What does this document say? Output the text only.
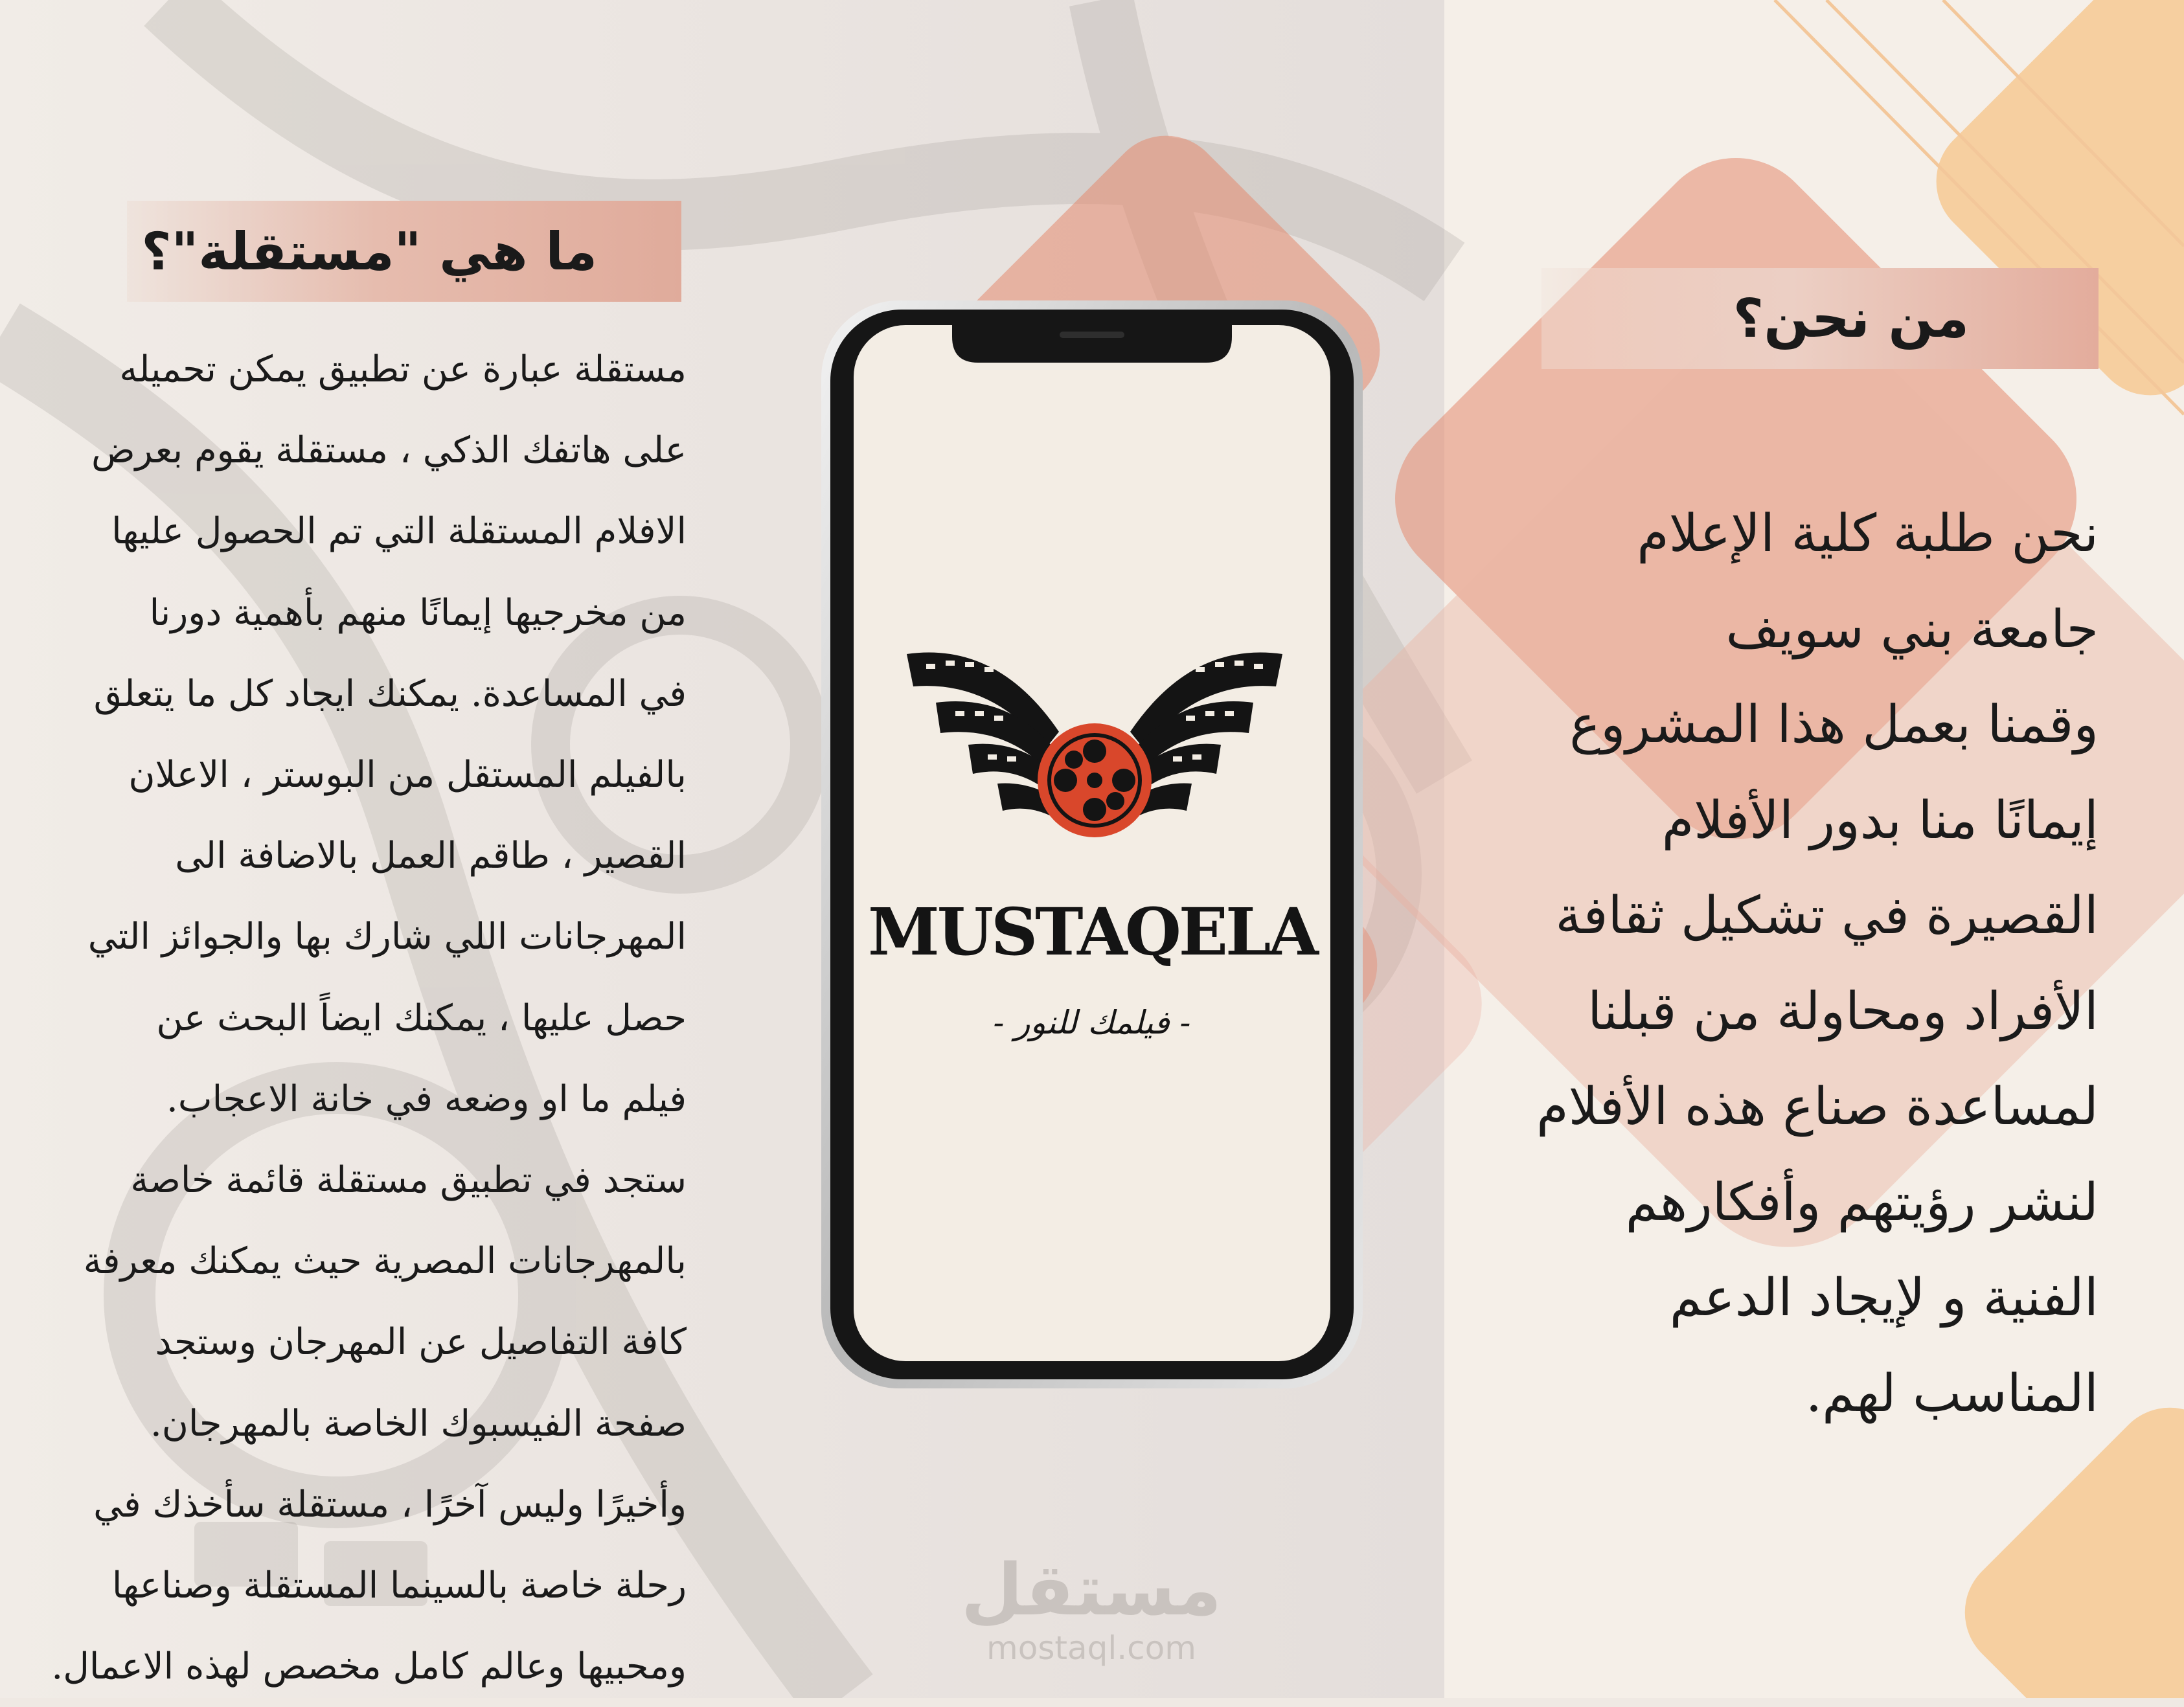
ما هي "مستقلة"؟
مستقلة عبارة عن تطبيق يمكن تحميله
على هاتفك الذكي ، مستقلة يقوم بعرض
الافلام المستقلة التي تم الحصول عليها
من مخرجيها إيمانًا منهم بأهمية دورنا
في المساعدة. يمكنك ايجاد كل ما يتعلق
بالفيلم المستقل من البوستر ، الاعلان
القصير ، طاقم العمل بالاضافة الى
المهرجانات اللي شارك بها والجوائز التي
حصل عليها ، يمكنك ايضاً البحث عن
فيلم ما او وضعه في خانة الاعجاب.
ستجد في تطبيق مستقلة قائمة خاصة
بالمهرجانات المصرية حيث يمكنك معرفة
كافة التفاصيل عن المهرجان وستجد
صفحة الفيسبوك الخاصة بالمهرجان.
وأخيرًا وليس آخرًا ، مستقلة سأخذك في
رحلة خاصة بالسينما المستقلة وصناعها
ومحبيها وعالم كامل مخصص لهذه الاعمال.
من نحن؟
نحن طلبة كلية الإعلام
جامعة بني سويف
وقمنا بعمل هذا المشروع
إيمانًا منا بدور الأفلام
القصيرة في تشكيل ثقافة
الأفراد ومحاولة من قبلنا
لمساعدة صناع هذه الأفلام
لنشر رؤيتهم وأفكارهم
الفنية و لإيجاد الدعم
المناسب لهم.
MUSTAQELA
- فيلمك للنور -
مستقل
mostaql.com
